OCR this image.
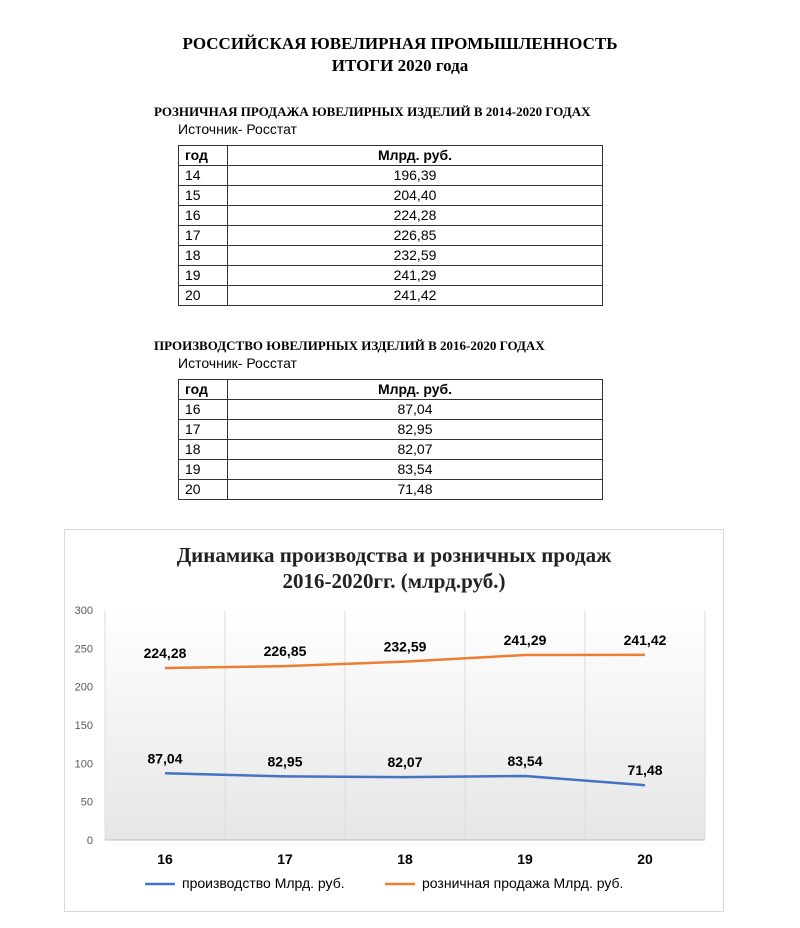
РОССИЙСКАЯ ЮВЕЛИРНАЯ ПРОМЫШЛЕННОСТЬ
ИТОГИ 2020 года
РОЗНИЧНАЯ ПРОДАЖА ЮВЕЛИРНЫХ ИЗДЕЛИЙ В 2014-2020 ГОДАХ
Источник- Росстат
год	Млрд. руб.
14	196,39
15	204,40
16	224,28
17	226,85
18	232,59
19	241,29
20	241,42
ПРОИЗВОДСТВО ЮВЕЛИРНЫХ ИЗДЕЛИЙ В 2016-2020 ГОДАХ
Источник- Росстат
год	Млрд. руб.
16	87,04
17	82,95
18	82,07
19	83,54
20	71,48
Динамика производства и розничных продаж
2016-2020гг. (млрд.руб.)
0
50
100
150
200
250
300
16	17	18	19	20
87,04	82,95	82,07	83,54
71,48
224,28	226,85	232,59	241,29	241,42
производство Млрд. руб.	розничная продажа Млрд. руб.
